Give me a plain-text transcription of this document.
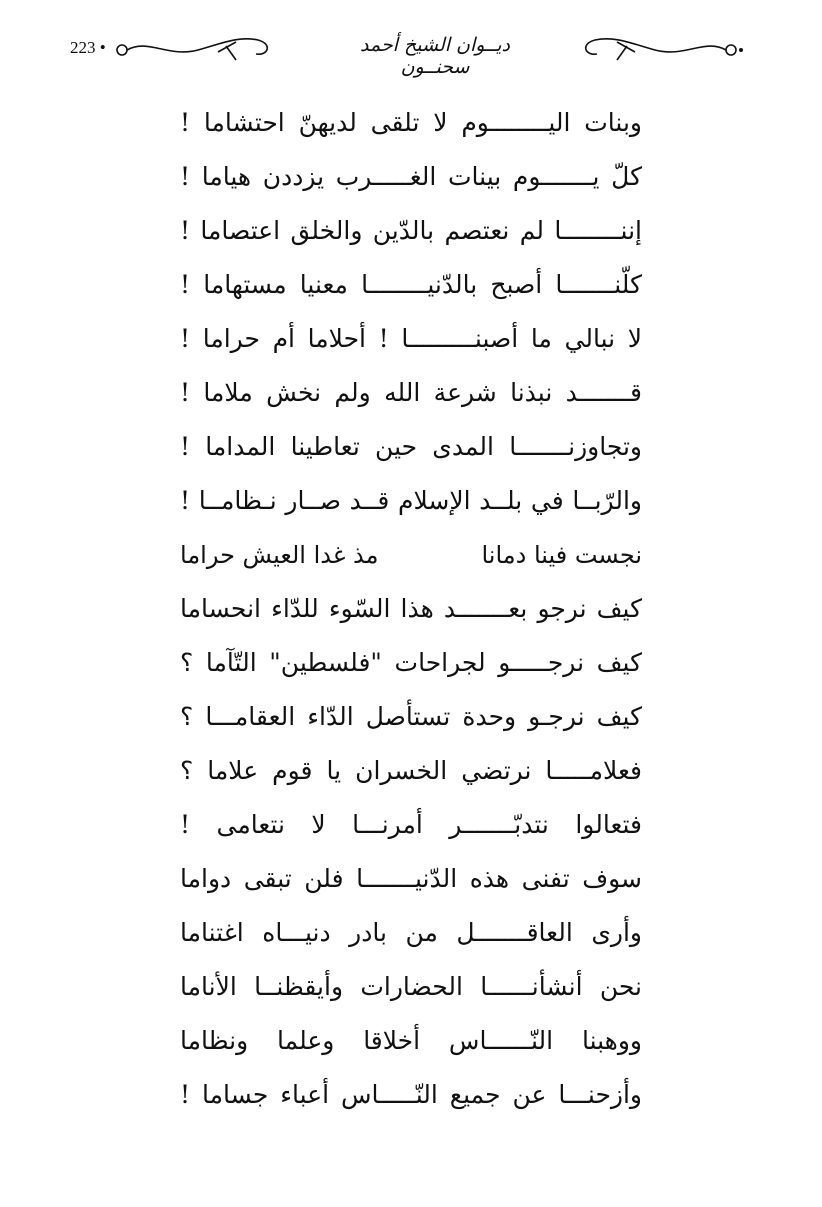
223 •	ديــوان الشيخ أحمد سحنــون
وبنات اليــــــــوم لا تلقى لديهنّ احتشاما !
كلّ يـــــــوم بينات الغـــــرب يزددن هياما !
إننــــــــا لم نعتصم بالدّين والخلق اعتصاما !
كلّنـــــــا أصبح بالدّنيــــــــا معنيا مستهاما !
لا نبالي ما أصبنـــــــــا ! أحلاما أم حراما !
قـــــــد نبذنا شرعة الله ولم نخش ملاما !
وتجاوزنـــــــا المدى حين تعاطينا المداما !
والرّبــا في بلــد الإسلام قــد صــار نـظامــا !
نجست فينا دمانا
مذ غدا العيش حراما
كيف نرجو بعـــــــد هذا السّوء للدّاء انحساما
كيف نرجـــــو لجراحات "فلسطين" التّآما ؟
كيف نرجـو وحدة تستأصل الدّاء العقامـــا ؟
فعلامـــــا نرتضي الخسران يا قوم علاما ؟
فتعالوا نتدبّـــــــر أمرنـــا لا نتعامى !
سوف تفنى هذه الدّنيـــــــا فلن تبقى دواما
وأرى العاقـــــــل من بادر دنيـــاه اغتناما
نحن أنشأنــــــا الحضارات وأيقظنــا الأناما
ووهبنا النّــــــاس أخلاقا وعلما ونظاما
وأزحنـــا عن جميع النّـــــاس أعباء جساما !
